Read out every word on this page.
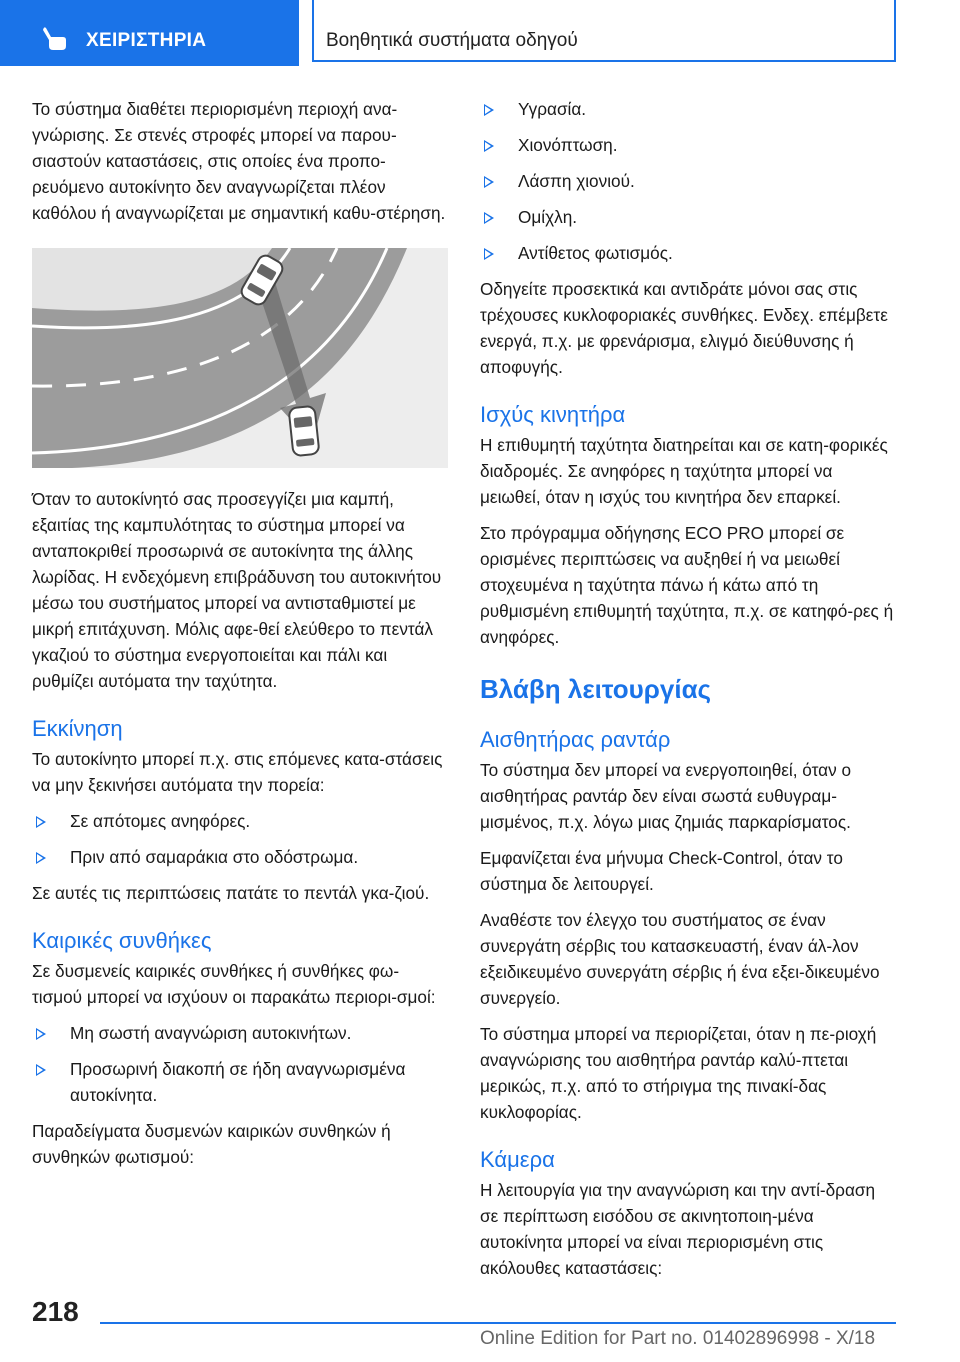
ΧΕΙΡΙΣΤΗΡΙΑ	Βοηθητικά συστήματα οδηγού

Το σύστημα διαθέτει περιορισμένη περιοχή ανα-γνώρισης. Σε στενές στροφές μπορεί να παρου-σιαστούν καταστάσεις, στις οποίες ένα προπο-ρευόμενο αυτοκίνητο δεν αναγνωρίζεται πλέον καθόλου ή αναγνωρίζεται με σημαντική καθυ-στέρηση.

Όταν το αυτοκίνητό σας προσεγγίζει μια καμπή, εξαιτίας της καμπυλότητας το σύστημα μπορεί να ανταποκριθεί προσωρινά σε αυτοκίνητα της άλλης λωρίδας. Η ενδεχόμενη επιβράδυνση του αυτοκινήτου μέσω του συστήματος μπορεί να αντισταθμιστεί με μικρή επιτάχυνση. Μόλις αφε-θεί ελεύθερο το πεντάλ γκαζιού το σύστημα ενεργοποιείται και πάλι και ρυθμίζει αυτόματα την ταχύτητα.

Εκκίνηση

Το αυτοκίνητο μπορεί π.χ. στις επόμενες κατα-στάσεις να μην ξεκινήσει αυτόματα την πορεία:

Σε απότομες ανηφόρες.
Πριν από σαμαράκια στο οδόστρωμα.

Σε αυτές τις περιπτώσεις πατάτε το πεντάλ γκα-ζιού.

Καιρικές συνθήκες

Σε δυσμενείς καιρικές συνθήκες ή συνθήκες φω-τισμού μπορεί να ισχύουν οι παρακάτω περιορι-σμοί:

Μη σωστή αναγνώριση αυτοκινήτων.
Προσωρινή διακοπή σε ήδη αναγνωρισμένα αυτοκίνητα.

Παραδείγματα δυσμενών καιρικών συνθηκών ή συνθηκών φωτισμού:

Υγρασία.
Χιονόπτωση.
Λάσπη χιονιού.
Ομίχλη.
Αντίθετος φωτισμός.

Οδηγείτε προσεκτικά και αντιδράτε μόνοι σας στις τρέχουσες κυκλοφοριακές συνθήκες. Ενδεχ. επέμβετε ενεργά, π.χ. με φρενάρισμα, ελιγμό διεύθυνσης ή αποφυγής.

Ισχύς κινητήρα

Η επιθυμητή ταχύτητα διατηρείται και σε κατη-φορικές διαδρομές. Σε ανηφόρες η ταχύτητα μπορεί να μειωθεί, όταν η ισχύς του κινητήρα δεν επαρκεί.

Στο πρόγραμμα οδήγησης ECO PRO μπορεί σε ορισμένες περιπτώσεις να αυξηθεί ή να μειωθεί στοχευμένα η ταχύτητα πάνω ή κάτω από τη ρυθμισμένη επιθυμητή ταχύτητα, π.χ. σε κατηφό-ρες ή ανηφόρες.

Βλάβη λειτουργίας
Αισθητήρας ραντάρ

Το σύστημα δεν μπορεί να ενεργοποιηθεί, όταν ο αισθητήρας ραντάρ δεν είναι σωστά ευθυγραμ-μισμένος, π.χ. λόγω μιας ζημιάς παρκαρίσματος.

Εμφανίζεται ένα μήνυμα Check-Control, όταν το σύστημα δε λειτουργεί.

Αναθέστε τον έλεγχο του συστήματος σε έναν συνεργάτη σέρβις του κατασκευαστή, έναν άλ-λον εξειδικευμένο συνεργάτη σέρβις ή ένα εξει-δικευμένο συνεργείο.

Το σύστημα μπορεί να περιορίζεται, όταν η πε-ριοχή αναγνώρισης του αισθητήρα ραντάρ καλύ-πτεται μερικώς, π.χ. από το στήριγμα της πινακί-δας κυκλοφορίας.

Κάμερα

Η λειτουργία για την αναγνώριση και την αντί-δραση σε περίπτωση εισόδου σε ακινητοποιη-μένα αυτοκίνητα μπορεί να είναι περιορισμένη στις ακόλουθες καταστάσεις:

218
Online Edition for Part no. 01402896998 - X/18
